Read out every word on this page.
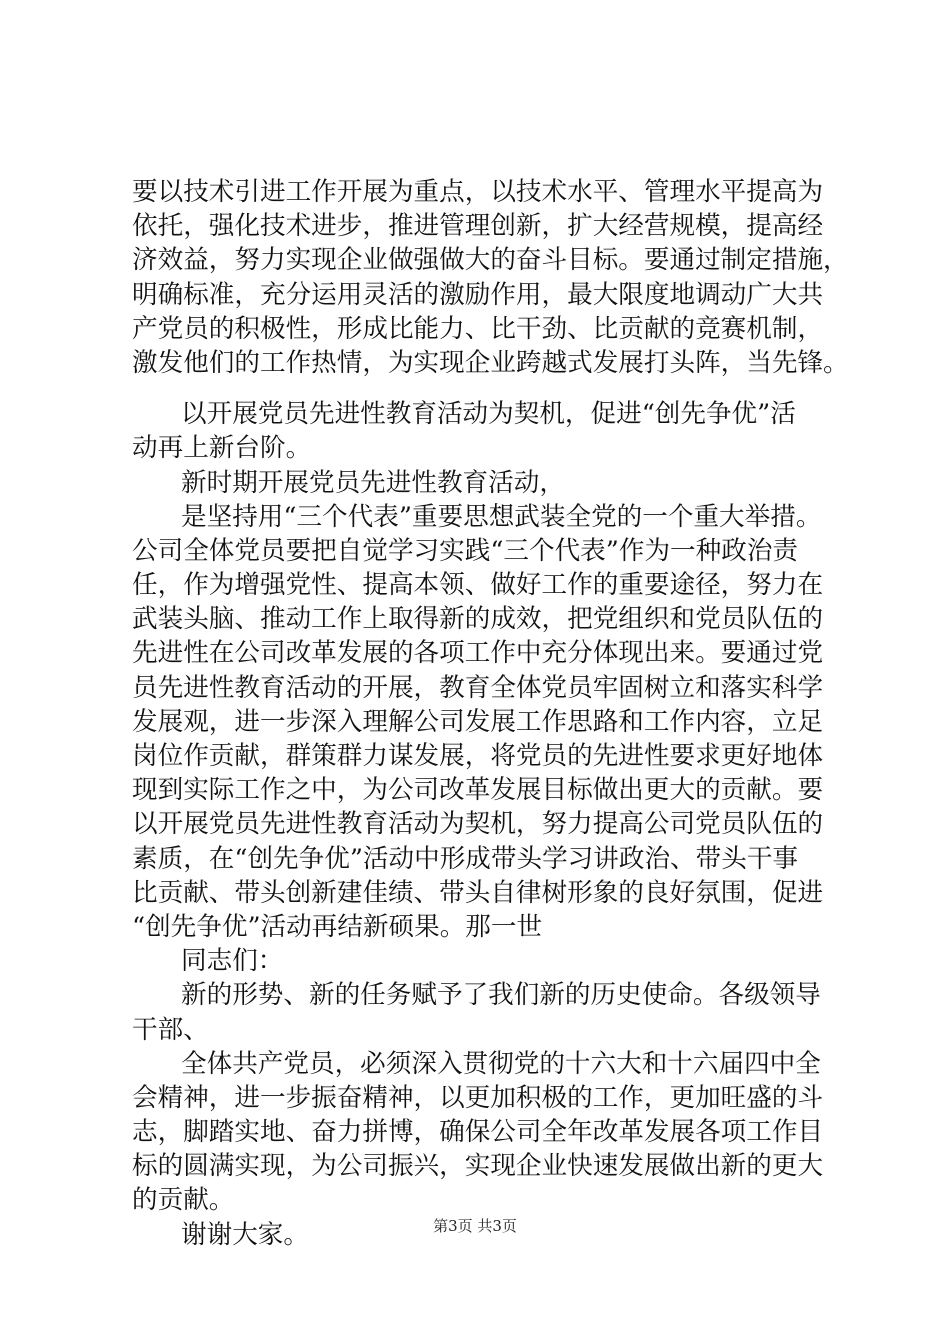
要以技术引进工作开展为重点，以技术水平、管理水平提高为
依托，强化技术进步，推进管理创新，扩大经营规模，提高经
济效益，努力实现企业做强做大的奋斗目标。要通过制定措施，
明确标准，充分运用灵活的激励作用，最大限度地调动广大共
产党员的积极性，形成比能力、比干劲、比贡献的竞赛机制，
激发他们的工作热情，为实现企业跨越式发展打头阵，当先锋。
以开展党员先进性教育活动为契机，促进“创先争优”活
动再上新台阶。
新时期开展党员先进性教育活动，
是坚持用“三个代表”重要思想武装全党的一个重大举措。
公司全体党员要把自觉学习实践“三个代表”作为一种政治责
任，作为增强党性、提高本领、做好工作的重要途径，努力在
武装头脑、推动工作上取得新的成效，把党组织和党员队伍的
先进性在公司改革发展的各项工作中充分体现出来。要通过党
员先进性教育活动的开展，教育全体党员牢固树立和落实科学
发展观，进一步深入理解公司发展工作思路和工作内容，立足
岗位作贡献，群策群力谋发展，将党员的先进性要求更好地体
现到实际工作之中，为公司改革发展目标做出更大的贡献。要
以开展党员先进性教育活动为契机，努力提高公司党员队伍的
素质，在“创先争优”活动中形成带头学习讲政治、带头干事
比贡献、带头创新建佳绩、带头自律树形象的良好氛围，促进
“创先争优”活动再结新硕果。那一世
同志们：
新的形势、新的任务赋予了我们新的历史使命。各级领导
干部、
全体共产党员，必须深入贯彻党的十六大和十六届四中全
会精神，进一步振奋精神，以更加积极的工作，更加旺盛的斗
志，脚踏实地、奋力拼博，确保公司全年改革发展各项工作目
标的圆满实现，为公司振兴，实现企业快速发展做出新的更大
的贡献。
谢谢大家。	第3页 共3页
